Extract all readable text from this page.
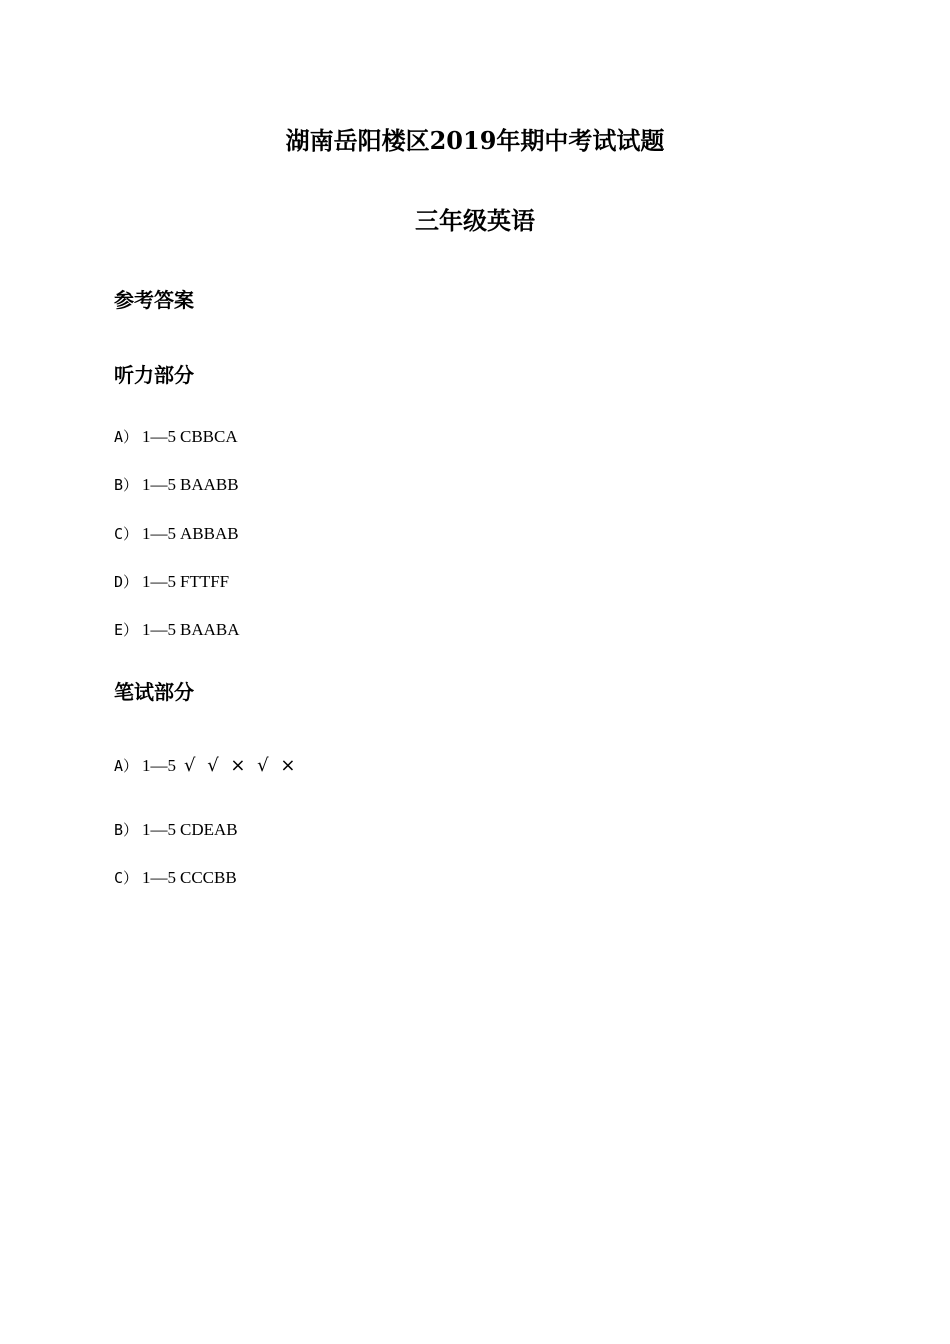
湖南岳阳楼区2019年期中考试试题
三年级英语
参考答案
听力部分
A） 1—5 CBBCA
B） 1—5 BAABB
C） 1—5 ABBAB
D） 1—5 FTTFF
E） 1—5 BAABA
笔试部分
A） 1—5 √ √ × √ ×
B） 1—5 CDEAB
C） 1—5 CCCBB
